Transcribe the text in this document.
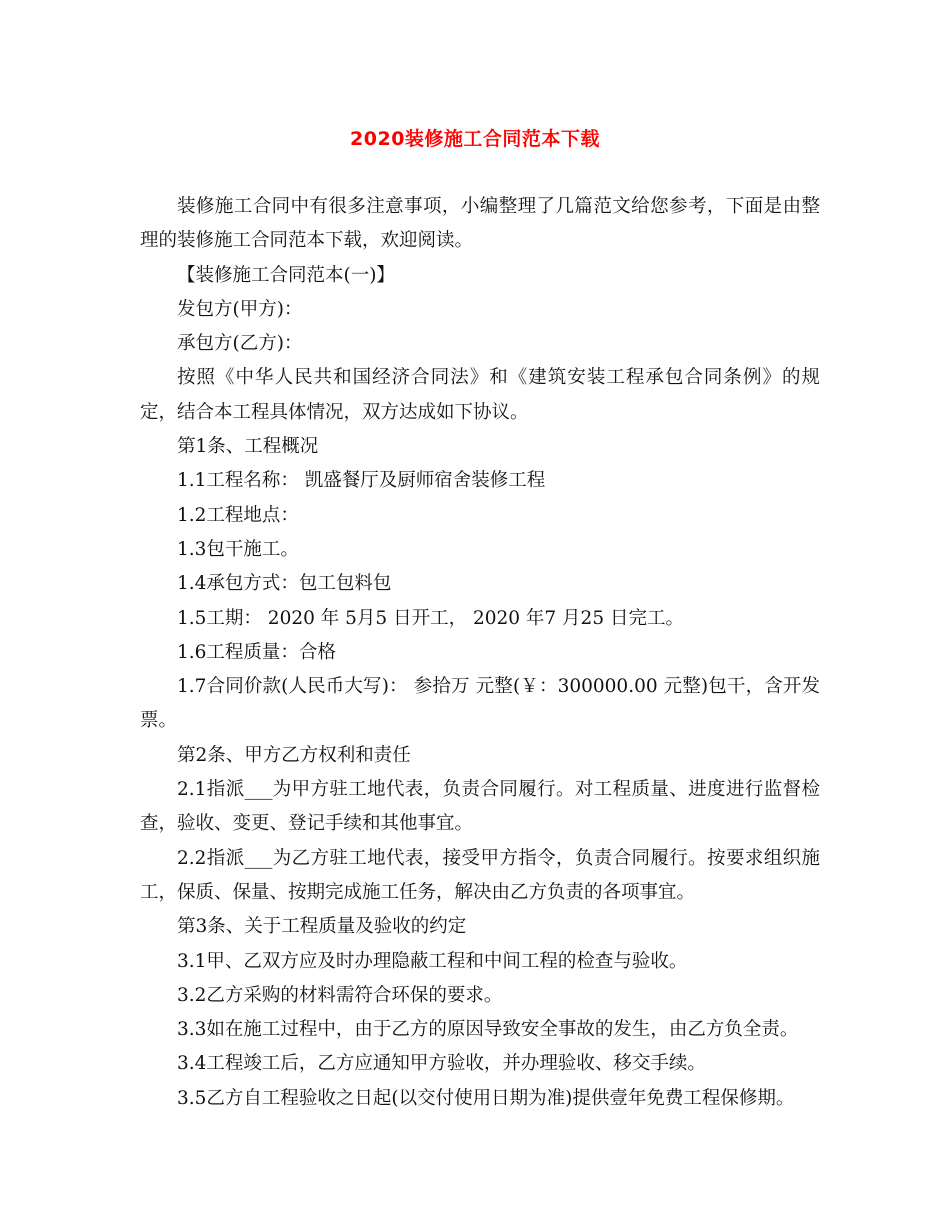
2020装修施工合同范本下载

装修施工合同中有很多注意事项，小编整理了几篇范文给您参考，下面是由整理的装修施工合同范本下载，欢迎阅读。

【装修施工合同范本(一)】

发包方(甲方)：

承包方(乙方)：

按照《中华人民共和国经济合同法》和《建筑安装工程承包合同条例》的规定，结合本工程具体情况，双方达成如下协议。

第1条、工程概况

1.1工程名称： 凯盛餐厅及厨师宿舍装修工程

1.2工程地点：

1.3包干施工。

1.4承包方式：包工包料包

1.5工期： 2020 年 5月5 日开工， 2020 年7 月25 日完工。

1.6工程质量：合格

1.7合同价款(人民币大写)： 参拾万 元整(￥：300000.00 元整)包干，含开发票。

第2条、甲方乙方权利和责任

2.1指派___为甲方驻工地代表，负责合同履行。对工程质量、进度进行监督检查，验收、变更、登记手续和其他事宜。

2.2指派___为乙方驻工地代表，接受甲方指令，负责合同履行。按要求组织施工，保质、保量、按期完成施工任务，解决由乙方负责的各项事宜。

第3条、关于工程质量及验收的约定

3.1甲、乙双方应及时办理隐蔽工程和中间工程的检查与验收。

3.2乙方采购的材料需符合环保的要求。

3.3如在施工过程中，由于乙方的原因导致安全事故的发生，由乙方负全责。

3.4工程竣工后，乙方应通知甲方验收，并办理验收、移交手续。

3.5乙方自工程验收之日起(以交付使用日期为准)提供壹年免费工程保修期。
